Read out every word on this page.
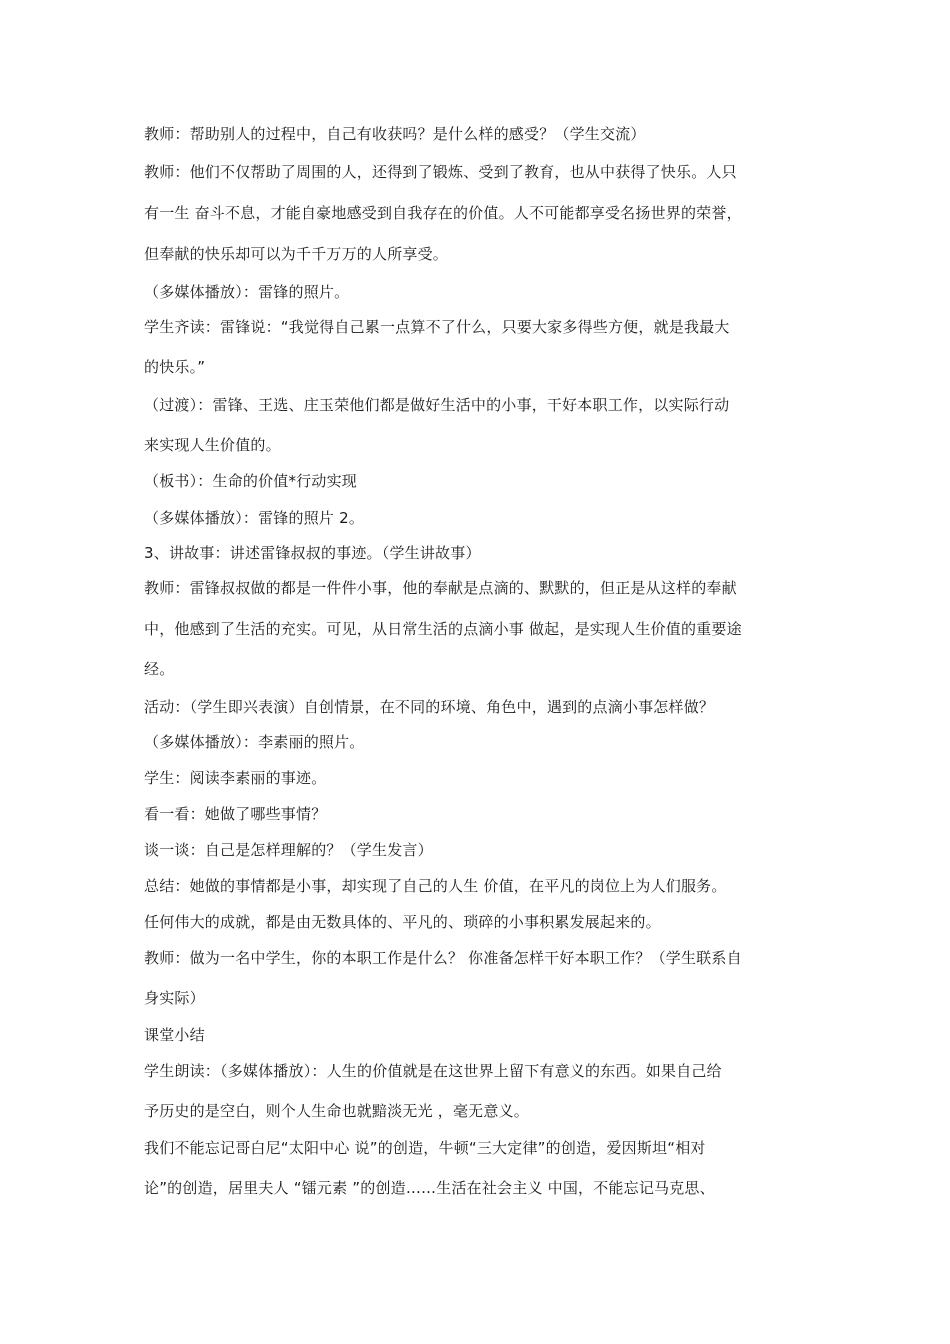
教师：帮助别人的过程中，自己有收获吗？是什么样的感受？（学生交流）
教师：他们不仅帮助了周围的人，还得到了锻炼、受到了教育，也从中获得了快乐。人只
有一生 奋斗不息，才能自豪地感受到自我存在的价值。人不可能都享受名扬世界的荣誉，
但奉献的快乐却可以为千千万万的人所享受。
（多媒体播放）：雷锋的照片。
学生齐读：雷锋说：“我觉得自己累一点算不了什么，只要大家多得些方便，就是我最大
的快乐。”
（过渡）：雷锋、王选、庄玉荣他们都是做好生活中的小事，干好本职工作，以实际行动
来实现人生价值的。
（板书）：生命的价值*行动实现
（多媒体播放）：雷锋的照片 2。
3、讲故事：讲述雷锋叔叔的事迹。（学生讲故事）
教师：雷锋叔叔做的都是一件件小事，他的奉献是点滴的、默默的，但正是从这样的奉献
中，他感到了生活的充实。可见，从日常生活的点滴小事 做起，是实现人生价值的重要途
经。
活动：（学生即兴表演）自创情景，在不同的环境、角色中，遇到的点滴小事怎样做？
（多媒体播放）：李素丽的照片。
学生：阅读李素丽的事迹。
看一看：她做了哪些事情？
谈一谈：自己是怎样理解的？（学生发言）
总结：她做的事情都是小事，却实现了自己的人生 价值，在平凡的岗位上为人们服务。
任何伟大的成就，都是由无数具体的、平凡的、琐碎的小事积累发展起来的。
教师：做为一名中学生，你的本职工作是什么？ 你准备怎样干好本职工作？（学生联系自
身实际）
课堂小结
学生朗读：（多媒体播放）：人生的价值就是在这世界上留下有意义的东西。如果自己给
予历史的是空白，则个人生命也就黯淡无光 ，毫无意义。
我们不能忘记哥白尼“太阳中心 说”的创造，牛顿“三大定律”的创造，爱因斯坦“相对
论”的创造，居里夫人 “镭元素 ”的创造……生活在社会主义 中国，不能忘记马克思、
